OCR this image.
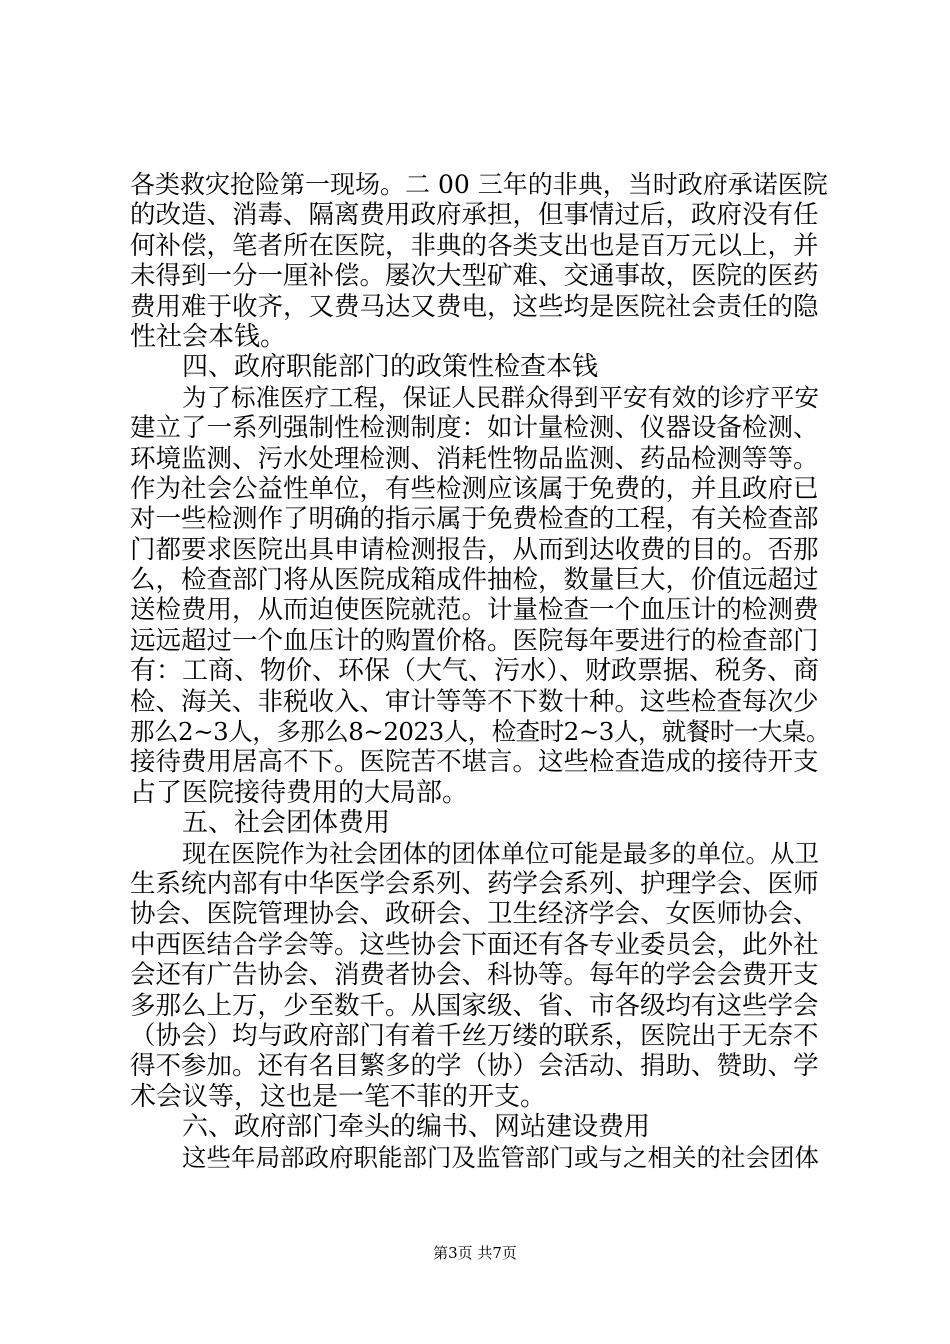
各类救灾抢险第一现场。二 00 三年的非典，当时政府承诺医院
的改造、消毒、隔离费用政府承担，但事情过后，政府没有任
何补偿，笔者所在医院，非典的各类支出也是百万元以上，并
未得到一分一厘补偿。屡次大型矿难、交通事故，医院的医药
费用难于收齐，又费马达又费电，这些均是医院社会责任的隐
性社会本钱。
四、政府职能部门的政策性检查本钱
为了标准医疗工程，保证人民群众得到平安有效的诊疗平安
建立了一系列强制性检测制度：如计量检测、仪器设备检测、
环境监测、污水处理检测、消耗性物品监测、药品检测等等。
作为社会公益性单位，有些检测应该属于免费的，并且政府已
对一些检测作了明确的指示属于免费检查的工程，有关检查部
门都要求医院出具申请检测报告，从而到达收费的目的。否那
么，检查部门将从医院成箱成件抽检，数量巨大，价值远超过
送检费用，从而迫使医院就范。计量检查一个血压计的检测费
远远超过一个血压计的购置价格。医院每年要进行的检查部门
有：工商、物价、环保（大气、污水）、财政票据、税务、商
检、海关、非税收入、审计等等不下数十种。这些检查每次少
那么2~3人，多那么8~2023人，检查时2~3人，就餐时一大桌。
接待费用居高不下。医院苦不堪言。这些检查造成的接待开支
占了医院接待费用的大局部。
五、社会团体费用
现在医院作为社会团体的团体单位可能是最多的单位。从卫
生系统内部有中华医学会系列、药学会系列、护理学会、医师
协会、医院管理协会、政研会、卫生经济学会、女医师协会、
中西医结合学会等。这些协会下面还有各专业委员会，此外社
会还有广告协会、消费者协会、科协等。每年的学会会费开支
多那么上万，少至数千。从国家级、省、市各级均有这些学会
（协会）均与政府部门有着千丝万缕的联系，医院出于无奈不
得不参加。还有名目繁多的学（协）会活动、捐助、赞助、学
术会议等，这也是一笔不菲的开支。
六、政府部门牵头的编书、网站建设费用
这些年局部政府职能部门及监管部门或与之相关的社会团体
第3页 共7页
